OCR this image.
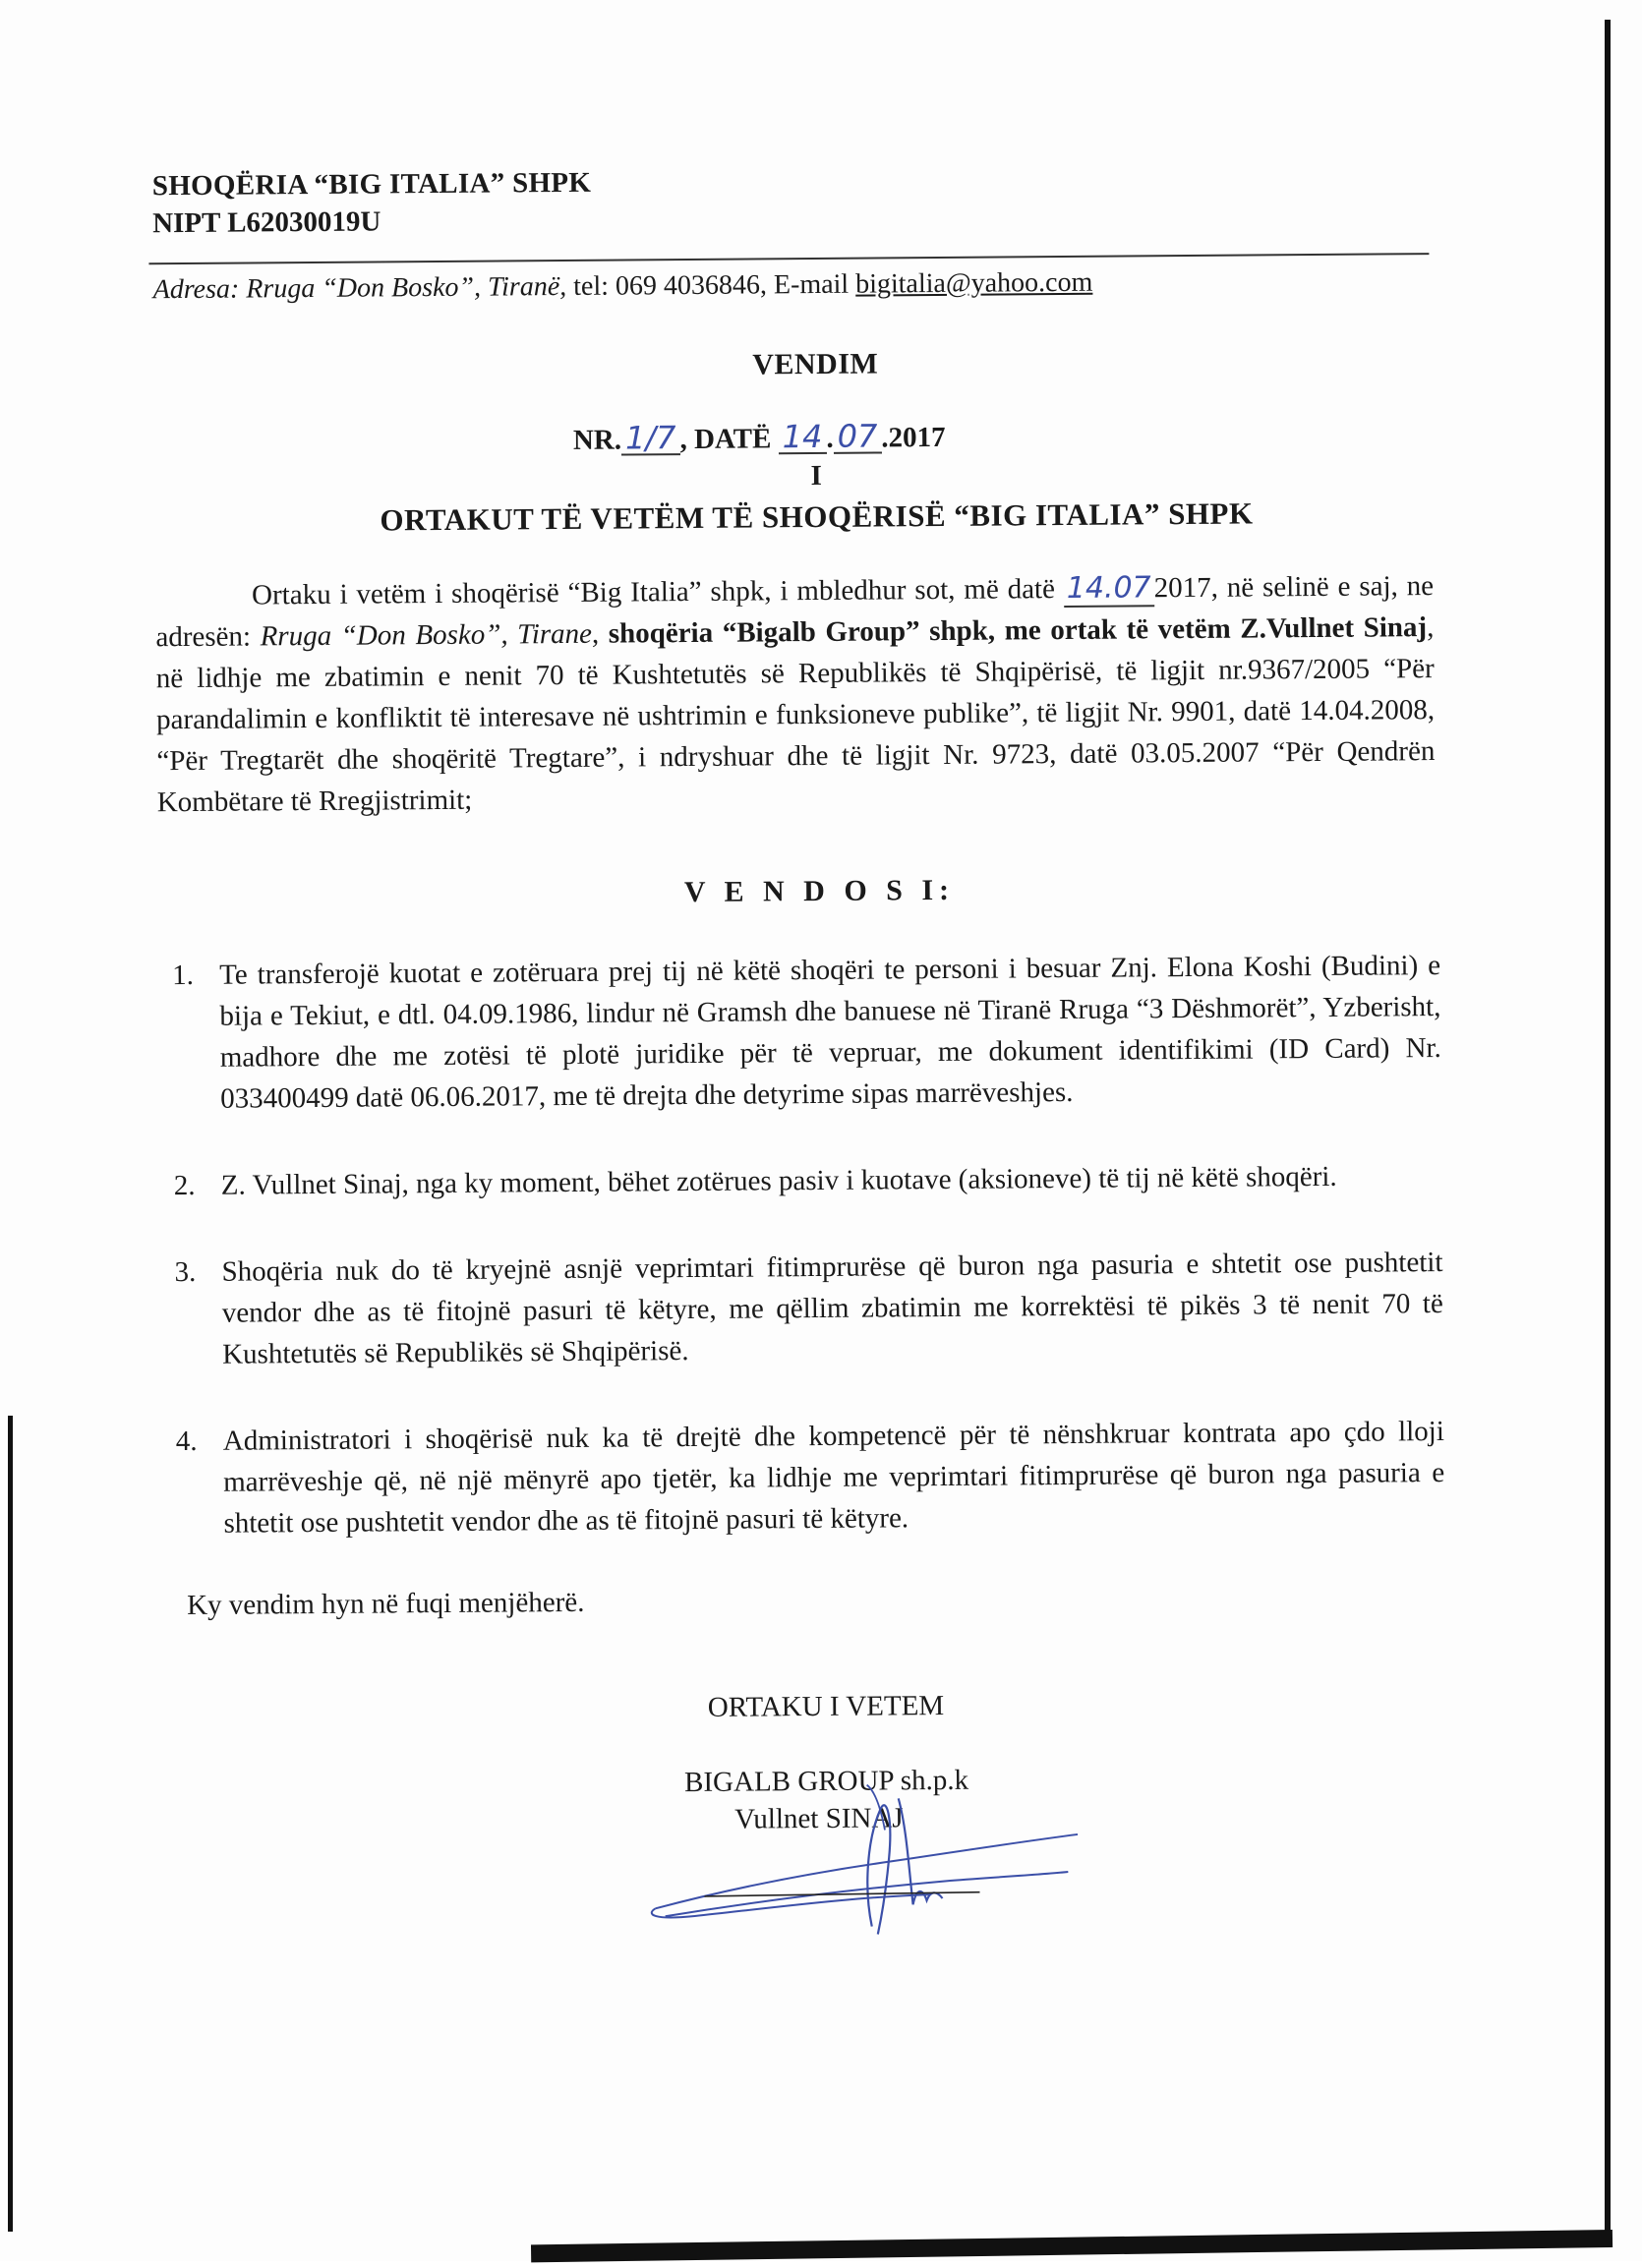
SHOQËRIA “BIG ITALIA” SHPK
NIPT L62030019U
Adresa: Rruga “Don Bosko”, Tiranë, tel: 069 4036846, E-mail bigitalia@yahoo.com
VENDIM
NR. 1/7 , DATË 14 . 07 .2017
I
ORTAKUT TË VETËM TË SHOQËRISË “BIG ITALIA” SHPK
Ortaku i vetëm i shoqërisë “Big Italia” shpk, i mbledhur sot, më datë 14.072017, në selinë e saj, ne adresën: Rruga “Don Bosko”, Tirane, shoqëria “Bigalb Group” shpk, me ortak të vetëm Z.Vullnet Sinaj, në lidhje me zbatimin e nenit 70 të Kushtetutës së Republikës të Shqipërisë, të ligjit nr.9367/2005 “Për parandalimin e konfliktit të interesave në ushtrimin e funksioneve publike”, të ligjit Nr. 9901, datë 14.04.2008, “Për Tregtarët dhe shoqëritë Tregtare”, i ndryshuar dhe të ligjit Nr. 9723, datë 03.05.2007 “Për Qendrën Kombëtare të Rregjistrimit;
V E N D O S I:
1. Te transferojë kuotat e zotëruara prej tij në këtë shoqëri te personi i besuar Znj. Elona Koshi (Budini) e bija e Tekiut, e dtl. 04.09.1986, lindur në Gramsh dhe banuese në Tiranë Rruga “3 Dëshmorët”, Yzberisht, madhore dhe me zotësi të plotë juridike për të vepruar, me dokument identifikimi (ID Card) Nr. 033400499 datë 06.06.2017, me të drejta dhe detyrime sipas marrëveshjes.
2. Z. Vullnet Sinaj, nga ky moment, bëhet zotërues pasiv i kuotave (aksioneve) të tij në këtë shoqëri.
3. Shoqëria nuk do të kryejnë asnjë veprimtari fitimprurëse që buron nga pasuria e shtetit ose pushtetit vendor dhe as të fitojnë pasuri të këtyre, me qëllim zbatimin me korrektësi të pikës 3 të nenit 70 të Kushtetutës së Republikës së Shqipërisë.
4. Administratori i shoqërisë nuk ka të drejtë dhe kompetencë për të nënshkruar kontrata apo çdo lloji marrëveshje që, në një mënyrë apo tjetër, ka lidhje me veprimtari fitimprurëse që buron nga pasuria e shtetit ose pushtetit vendor dhe as të fitojnë pasuri të këtyre.
Ky vendim hyn në fuqi menjëherë.
ORTAKU I VETEM
BIGALB GROUP sh.p.k
Vullnet SINAJ
